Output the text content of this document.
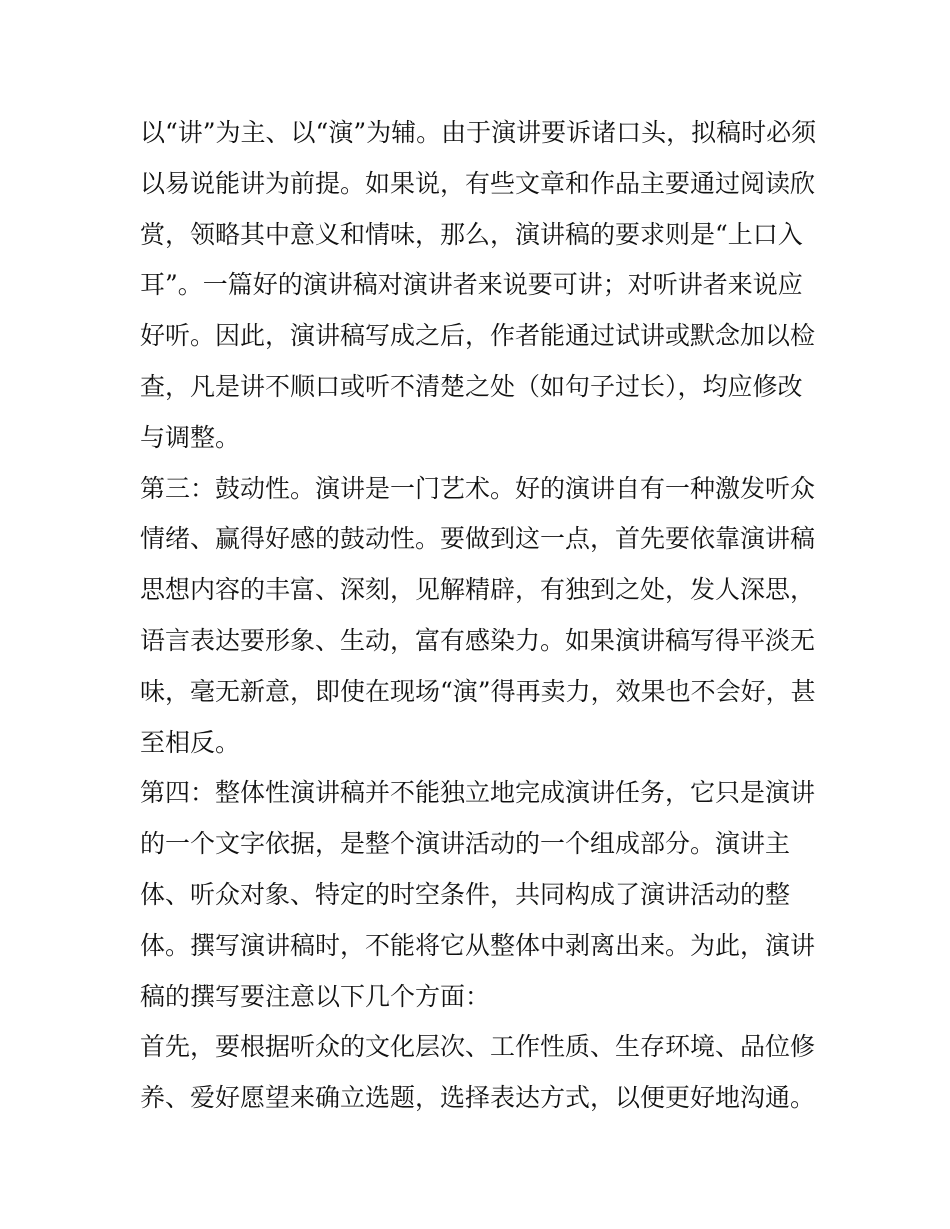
以“讲”为主、以“演”为辅。由于演讲要诉诸口头，拟稿时必须
以易说能讲为前提。如果说，有些文章和作品主要通过阅读欣
赏，领略其中意义和情味，那么，演讲稿的要求则是“上口入
耳”。一篇好的演讲稿对演讲者来说要可讲；对听讲者来说应
好听。因此，演讲稿写成之后，作者能通过试讲或默念加以检
查，凡是讲不顺口或听不清楚之处（如句子过长），均应修改
与调整。
第三：鼓动性。演讲是一门艺术。好的演讲自有一种激发听众
情绪、赢得好感的鼓动性。要做到这一点，首先要依靠演讲稿
思想内容的丰富、深刻，见解精辟，有独到之处，发人深思，
语言表达要形象、生动，富有感染力。如果演讲稿写得平淡无
味，毫无新意，即使在现场“演”得再卖力，效果也不会好，甚
至相反。
第四：整体性演讲稿并不能独立地完成演讲任务，它只是演讲
的一个文字依据，是整个演讲活动的一个组成部分。演讲主
体、听众对象、特定的时空条件，共同构成了演讲活动的整
体。撰写演讲稿时，不能将它从整体中剥离出来。为此，演讲
稿的撰写要注意以下几个方面：
首先，要根据听众的文化层次、工作性质、生存环境、品位修
养、爱好愿望来确立选题，选择表达方式，以便更好地沟通。
